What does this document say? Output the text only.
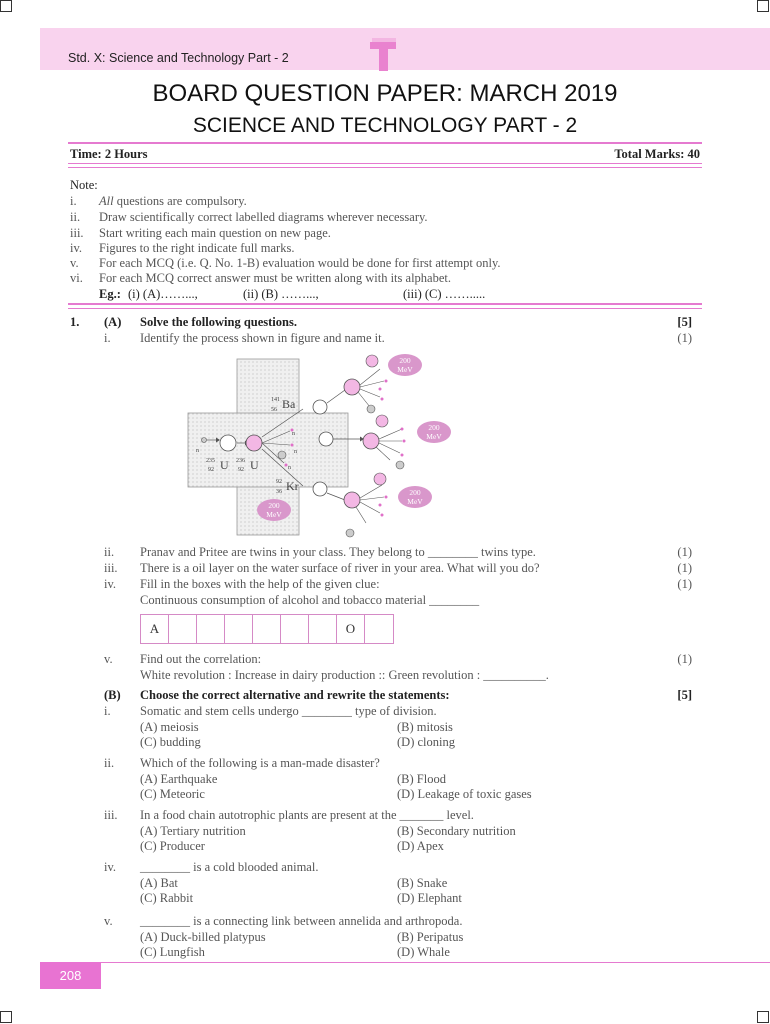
Std. X: Science and Technology Part - 2
BOARD QUESTION PAPER: MARCH 2019
SCIENCE AND TECHNOLOGY PART - 2
Time: 2 Hours	Total Marks: 40
Note:
i. All questions are compulsory.
ii. Draw scientifically correct labelled diagrams wherever necessary.
iii. Start writing each main question on new page.
iv. Figures to the right indicate full marks.
v. For each MCQ (i.e. Q. No. 1-B) evaluation would be done for first attempt only.
vi. For each MCQ correct answer must be written along with its alphabet.
Eg.: (i) (A)……...,	(ii) (B) ……...,	(iii) (C) …….....
1. (A) Solve the following questions.	[5]
i. Identify the process shown in figure and name it.	(1)
200
MeV
200
MeV
200
MeV
200
MeV
141
56 Ba
n
n
n
n
235
92 U 236
92 U
92
36 Kr
ii. Pranav and Pritee are twins in your class. They belong to ________ twins type.	(1)
iii. There is a oil layer on the water surface of river in your area. What will you do?	(1)
iv. Fill in the boxes with the help of the given clue:	(1)
Continuous consumption of alcohol and tobacco material ________
A	O
v. Find out the correlation:	(1)
White revolution : Increase in dairy production :: Green revolution : __________.
(B) Choose the correct alternative and rewrite the statements:	[5]
i. Somatic and stem cells undergo ________ type of division.
(A) meiosis	(B) mitosis
(C) budding	(D) cloning
ii. Which of the following is a man-made disaster?
(A) Earthquake	(B) Flood
(C) Meteoric	(D) Leakage of toxic gases
iii. In a food chain autotrophic plants are present at the _______ level.
(A) Tertiary nutrition	(B) Secondary nutrition
(C) Producer	(D) Apex
iv. ________ is a cold blooded animal.
(A) Bat	(B) Snake
(C) Rabbit	(D) Elephant
v. ________ is a connecting link between annelida and arthropoda.
(A) Duck-billed platypus	(B) Peripatus
(C) Lungfish	(D) Whale
208
